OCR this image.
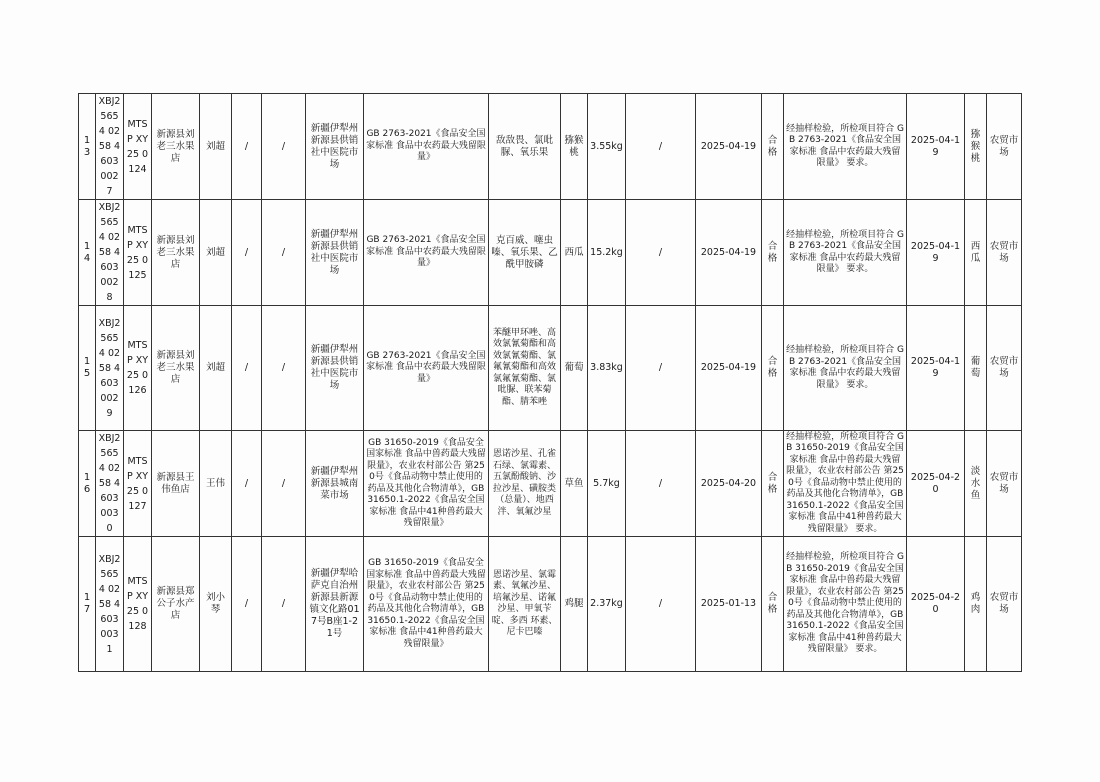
13	XBJ2 5654 0258 4603 0027	MTSP XY25 0124	新源县刘老三水果店	刘超	/	/	新疆伊犁州新源县供销社中医院市场	GB 2763-2021《食品安全国家标准 食品中农药最大残留限量》	敌敌畏、氯吡脲、氧乐果	猕猴桃	3.55kg	/	2025-04-19	合格	经抽样检验，所检项目符合 GB 2763-2021《食品安全国家标准 食品中农药最大残留限量》 要求。	2025-04-19	猕猴桃	农贸市场
14	XBJ2 5654 0258 4603 0028	MTSP XY25 0125	新源县刘老三水果店	刘超	/	/	新疆伊犁州新源县供销社中医院市场	GB 2763-2021《食品安全国家标准 食品中农药最大残留限量》	克百威、噻虫嗪、氧乐果、乙酰甲胺磷	西瓜	15.2kg	/	2025-04-19	合格	经抽样检验，所检项目符合 GB 2763-2021《食品安全国家标准 食品中农药最大残留限量》 要求。	2025-04-19	西瓜	农贸市场
15	XBJ2 5654 0258 4603 0029	MTSP XY25 0126	新源县刘老三水果店	刘超	/	/	新疆伊犁州新源县供销社中医院市场	GB 2763-2021《食品安全国家标准 食品中农药最大残留限量》	苯醚甲环唑、高效氯氰菊酯和高效氯氰菊酯、氯氟氰菊酯和高效氯氟氰菊酯、氯吡脲、联苯菊酯、腈苯唑	葡萄	3.83kg	/	2025-04-19	合格	经抽样检验，所检项目符合 GB 2763-2021《食品安全国家标准 食品中农药最大残留限量》 要求。	2025-04-19	葡萄	农贸市场
16	XBJ2 5654 0258 4603 0030	MTSP XY25 0127	新源县王伟鱼店	王伟	/	/	新疆伊犁州新源县城南菜市场	GB 31650-2019《食品安全国家标准 食品中兽药最大残留限量》，农业农村部公告 第250号《食品动物中禁止使用的药品及其他化合物清单》，GB 31650.1-2022《食品安全国家标准 食品中41种兽药最大残留限量》	恩诺沙星、孔雀石绿、氯霉素、五氯酚酸钠、沙拉沙星、磺胺类（总量）、地西泮、氧氟沙星	草鱼	5.7kg	/	2025-04-20	合格	经抽样检验，所检项目符合 GB 31650-2019《食品安全国家标准 食品中兽药最大残留限量》，农业农村部公告 第250号《食品动物中禁止使用的药品及其他化合物清单》，GB 31650.1-2022《食品安全国家标准 食品中41种兽药最大残留限量》 要求。	2025-04-20	淡水鱼	农贸市场
17	XBJ2 5654 0258 4603 0031	MTSP XY25 0128	新源县郑公子水产店	刘小琴	/	/	新疆伊犁哈萨克自治州新源县新源镇文化路017号B座1-21号	GB 31650-2019《食品安全国家标准 食品中兽药最大残留限量》，农业农村部公告 第250号《食品动物中禁止使用的药品及其他化合物清单》，GB 31650.1-2022《食品安全国家标准 食品中41种兽药最大残留限量》	恩诺沙星、氯霉素、氧氟沙星、培氟沙星、诺氟沙星、甲氧苄啶、多西 环素、尼卡巴嗪	鸡腿	2.37kg	/	2025-01-13	合格	经抽样检验，所检项目符合 GB 31650-2019《食品安全国家标准 食品中兽药最大残留限量》，农业农村部公告 第250号《食品动物中禁止使用的药品及其他化合物清单》，GB 31650.1-2022《食品安全国家标准 食品中41种兽药最大残留限量》 要求。	2025-04-20	鸡肉	农贸市场
